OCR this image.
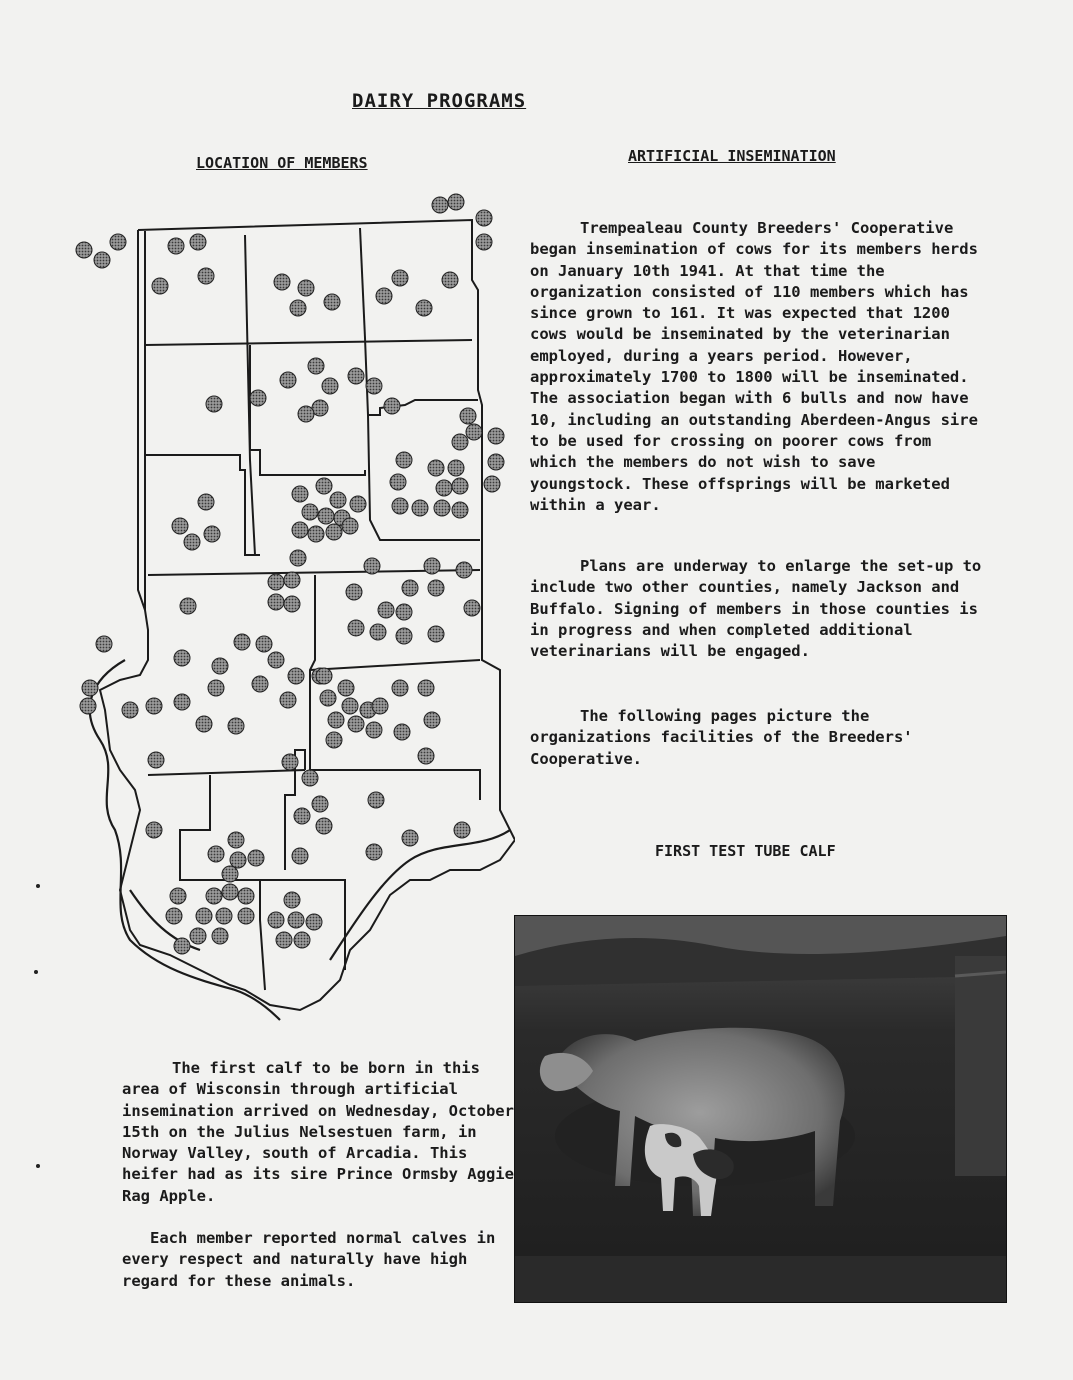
DAIRY PROGRAMS
LOCATION OF MEMBERS	ARTIFICIAL INSEMINATION

Trempealeau County Breeders' Cooperative began insemination of cows for its members herds on January 10th 1941. At that time the organization consisted of 110 members which has since grown to 161. It was expected that 1200 cows would be inseminated by the veterinarian employed, during a years period. However, approximately 1700 to 1800 will be inseminated. The association began with 6 bulls and now have 10, including an outstanding Aberdeen-Angus sire to be used for crossing on poorer cows from which the members do not wish to save youngstock. These offsprings will be marketed within a year.

Plans are underway to enlarge the set-up to include two other counties, namely Jackson and Buffalo. Signing of members in those counties is in progress and when completed additional veterinarians will be engaged.

The following pages picture the organizations facilities of the Breeders' Cooperative.

FIRST TEST TUBE CALF

The first calf to be born in this area of Wisconsin through artificial insemination arrived on Wednesday, October 15th on the Julius Nelsestuen farm, in Norway Valley, south of Arcadia. This heifer had as its sire Prince Ormsby Aggie Rag Apple.

Each member reported normal calves in every respect and naturally have high regard for these animals.
